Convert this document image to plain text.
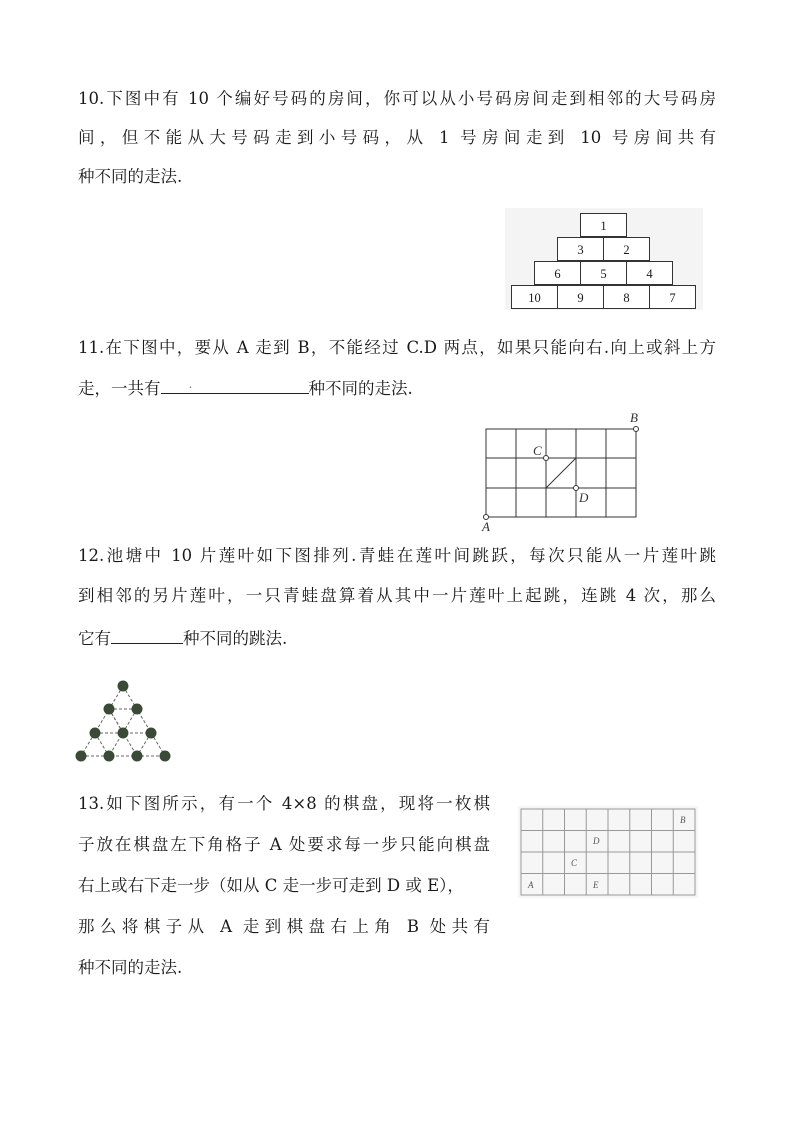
10.下图中有 10 个编好号码的房间，你可以从小号码房间走到相邻的大号码房
间，但不能从大号码走到小号码，从 1 号房间走到 10 号房间共有
种不同的走法.
1
3	2
6	5	4
10	9	8	7
11.在下图中，要从 A 走到 B，不能经过 C.D 两点，如果只能向右.向上或斜上方
走，一共有 .	种不同的走法.
A
B
C
D
12.池塘中 10 片莲叶如下图排列.青蛙在莲叶间跳跃，每次只能从一片莲叶跳
到相邻的另片莲叶，一只青蛙盘算着从其中一片莲叶上起跳，连跳 4 次，那么
它有	种不同的跳法.
13.如下图所示，有一个 4×8 的棋盘，现将一枚棋
子放在棋盘左下角格子 A 处要求每一步只能向棋盘
右上或右下走一步（如从 C 走一步可走到 D 或 E），
那么将棋子从 A 走到棋盘右上角 B 处共有
种不同的走法.
A
B
C
D
E
